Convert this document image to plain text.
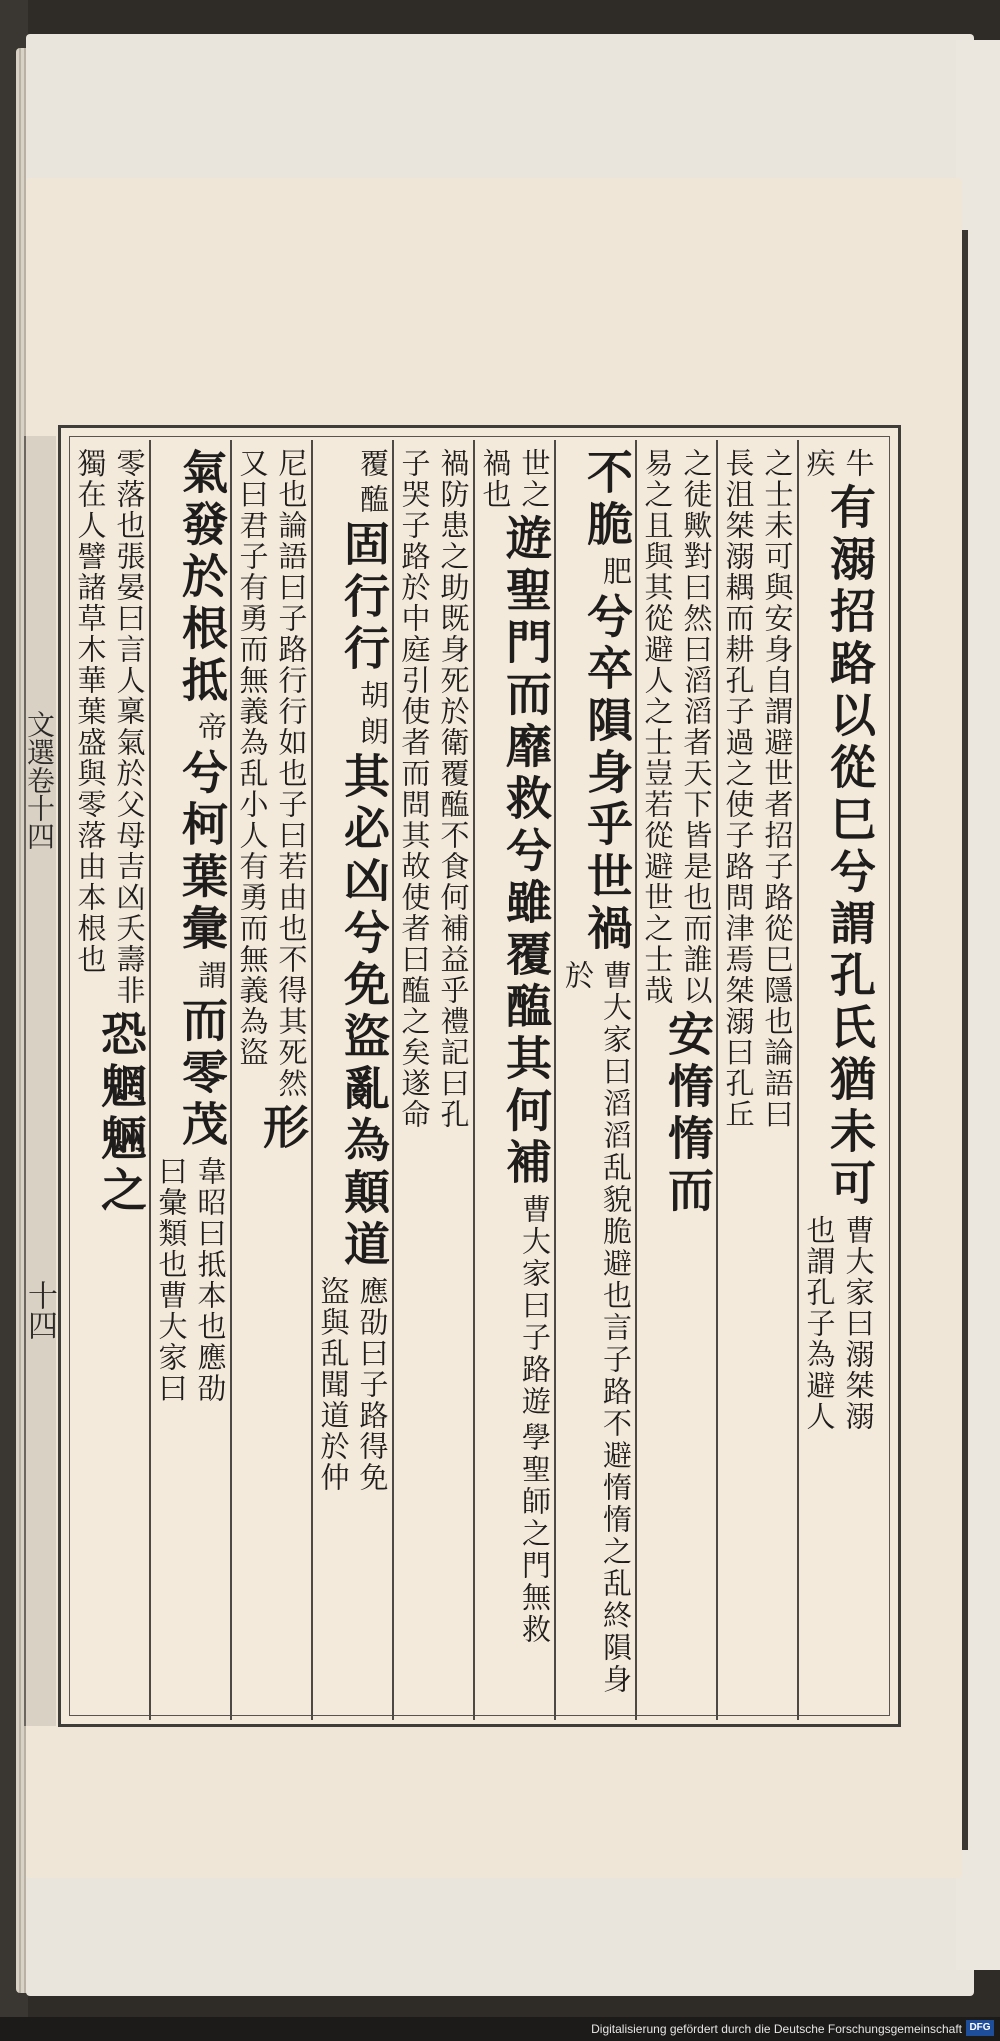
文選卷十四
十四
牛
疾
有溺招路以從巳兮謂孔氏猶未可
曹大家曰溺桀溺
也謂孔子為避人
之士未可與安身自謂避世者招子路從巳隱也論語曰
長沮桀溺耦而耕孔子過之使子路問津焉桀溺曰孔丘
之徒歟對曰然曰滔滔者天下皆是也而誰以
易之且與其從避人之士豈若從避世之士哉
安惰惰而
不脆
肥
兮卒隕身乎世禍
曹大家曰滔滔乱貌脆避也言子路不避惰惰之乱終隕身於
世之
禍也
遊聖門而靡救兮雖覆醢其何補
曹大家曰子路遊
學聖師之門無救
禍防患之助既身死於衛覆醢不食何補益乎禮記曰孔
子哭子路於中庭引使者而問其故使者曰醢之矣遂命
覆
醢
固行行
胡
朗
其必凶兮免盜亂為顛道
應劭曰子路得免
盜與乱聞道於仲
尼也論語曰子路行行如也子曰若由也不得其死然
又曰君子有勇而無義為乱小人有勇而無義為盜
形
氣發於根抵
帝
兮柯葉彙
謂
而零茂
韋昭曰抵本也應劭
曰彙類也曹大家曰
零落也張晏曰言人稟氣於父母吉凶夭壽非
獨在人譬諸草木華葉盛與零落由本根也
恐魍魎之
Digitalisierung gefördert durch die Deutsche Forschungsgemeinschaft DFG
